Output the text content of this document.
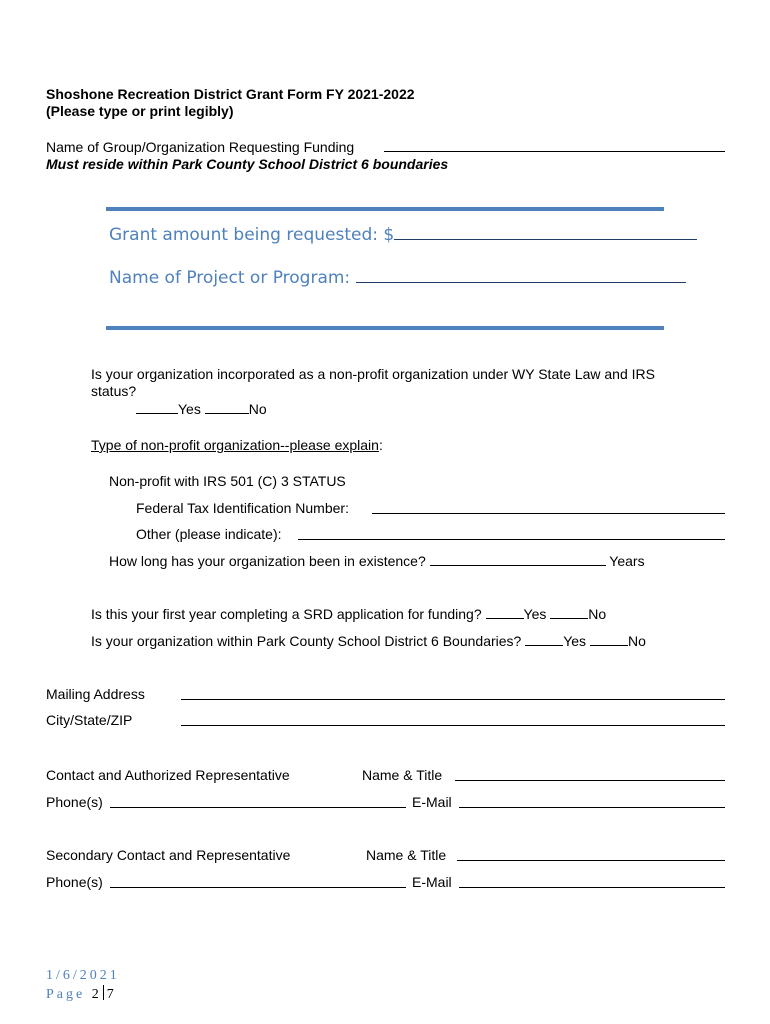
Shoshone Recreation District Grant Form FY 2021-2022
(Please type or print legibly)
Name of Group/Organization Requesting Funding
Must reside within Park County School District 6 boundaries
Grant amount being requested: $
Name of Project or Program:
Is your organization incorporated as a non-profit organization under WY State Law and IRS
status?
Yes	No
Type of non-profit organization--please explain:
Non-profit with IRS 501 (C) 3 STATUS
Federal Tax Identification Number:
Other (please indicate):
How long has your organization been in existence?	Years
Is this your first year completing a SRD application for funding?	Yes	No
Is your organization within Park County School District 6 Boundaries?	Yes	No
Mailing Address
City/State/ZIP
Contact and Authorized Representative	Name & Title
Phone(s)	E-Mail
Secondary Contact and Representative	Name & Title
Phone(s)	E-Mail
1/6/2021
Page 2 7
